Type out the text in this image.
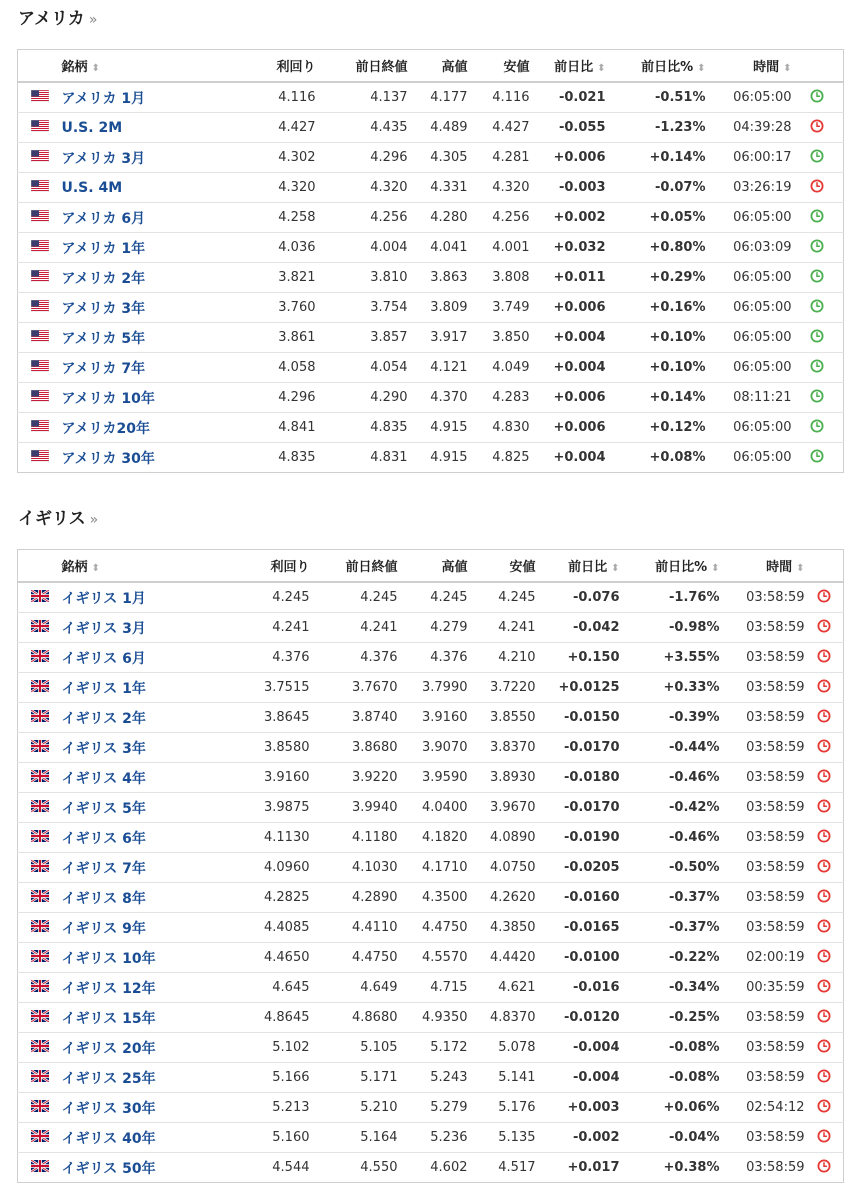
アメリカ »
	銘柄 ⬍	利回り	前日終値	高値	安値	前日比 ⬍	前日比% ⬍	時間 ⬍	
	アメリカ 1月	4.116	4.137	4.177	4.116	-0.021	-0.51%	06:05:00	
	U.S. 2M	4.427	4.435	4.489	4.427	-0.055	-1.23%	04:39:28	
	アメリカ 3月	4.302	4.296	4.305	4.281	+0.006	+0.14%	06:00:17	
	U.S. 4M	4.320	4.320	4.331	4.320	-0.003	-0.07%	03:26:19	
	アメリカ 6月	4.258	4.256	4.280	4.256	+0.002	+0.05%	06:05:00	
	アメリカ 1年	4.036	4.004	4.041	4.001	+0.032	+0.80%	06:03:09	
	アメリカ 2年	3.821	3.810	3.863	3.808	+0.011	+0.29%	06:05:00	
	アメリカ 3年	3.760	3.754	3.809	3.749	+0.006	+0.16%	06:05:00	
	アメリカ 5年	3.861	3.857	3.917	3.850	+0.004	+0.10%	06:05:00	
	アメリカ 7年	4.058	4.054	4.121	4.049	+0.004	+0.10%	06:05:00	
	アメリカ 10年	4.296	4.290	4.370	4.283	+0.006	+0.14%	08:11:21	
	アメリカ20年	4.841	4.835	4.915	4.830	+0.006	+0.12%	06:05:00	
	アメリカ 30年	4.835	4.831	4.915	4.825	+0.004	+0.08%	06:05:00	
イギリス »
	銘柄 ⬍	利回り	前日終値	高値	安値	前日比 ⬍	前日比% ⬍	時間 ⬍	
	イギリス 1月	4.245	4.245	4.245	4.245	-0.076	-1.76%	03:58:59	
	イギリス 3月	4.241	4.241	4.279	4.241	-0.042	-0.98%	03:58:59	
	イギリス 6月	4.376	4.376	4.376	4.210	+0.150	+3.55%	03:58:59	
	イギリス 1年	3.7515	3.7670	3.7990	3.7220	+0.0125	+0.33%	03:58:59	
	イギリス 2年	3.8645	3.8740	3.9160	3.8550	-0.0150	-0.39%	03:58:59	
	イギリス 3年	3.8580	3.8680	3.9070	3.8370	-0.0170	-0.44%	03:58:59	
	イギリス 4年	3.9160	3.9220	3.9590	3.8930	-0.0180	-0.46%	03:58:59	
	イギリス 5年	3.9875	3.9940	4.0400	3.9670	-0.0170	-0.42%	03:58:59	
	イギリス 6年	4.1130	4.1180	4.1820	4.0890	-0.0190	-0.46%	03:58:59	
	イギリス 7年	4.0960	4.1030	4.1710	4.0750	-0.0205	-0.50%	03:58:59	
	イギリス 8年	4.2825	4.2890	4.3500	4.2620	-0.0160	-0.37%	03:58:59	
	イギリス 9年	4.4085	4.4110	4.4750	4.3850	-0.0165	-0.37%	03:58:59	
	イギリス 10年	4.4650	4.4750	4.5570	4.4420	-0.0100	-0.22%	02:00:19	
	イギリス 12年	4.645	4.649	4.715	4.621	-0.016	-0.34%	00:35:59	
	イギリス 15年	4.8645	4.8680	4.9350	4.8370	-0.0120	-0.25%	03:58:59	
	イギリス 20年	5.102	5.105	5.172	5.078	-0.004	-0.08%	03:58:59	
	イギリス 25年	5.166	5.171	5.243	5.141	-0.004	-0.08%	03:58:59	
	イギリス 30年	5.213	5.210	5.279	5.176	+0.003	+0.06%	02:54:12	
	イギリス 40年	5.160	5.164	5.236	5.135	-0.002	-0.04%	03:58:59	
	イギリス 50年	4.544	4.550	4.602	4.517	+0.017	+0.38%	03:58:59	
